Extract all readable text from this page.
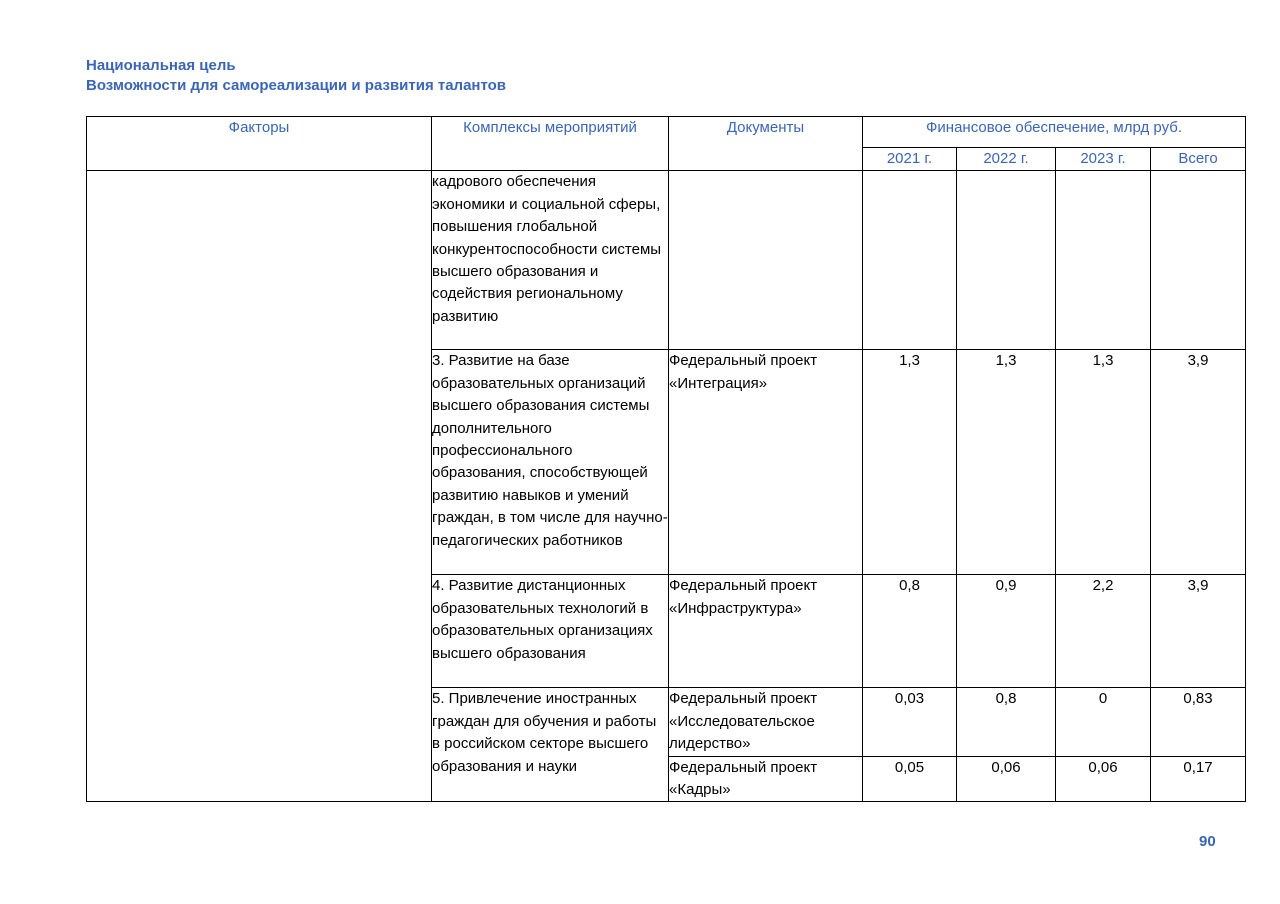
Национальная цель
Возможности для самореализации и развития талантов
Факторы	Комплексы мероприятий	Документы	Финансовое обеспечение, млрд руб.			
			2021 г.	2022 г.	2023 г.	Всего
	кадрового обеспечения экономики и социальной сферы, повышения глобальной конкурентоспособности системы высшего образования и содействия региональному развитию					
	3. Развитие на базе образовательных организаций высшего образования системы дополнительного профессионального образования, способствующей развитию навыков и умений граждан, в том числе для научно-педагогических работников	Федеральный проект «Интеграция»	1,3	1,3	1,3	3,9
	4. Развитие дистанционных образовательных технологий в образовательных организациях высшего образования	Федеральный проект «Инфраструктура»	0,8	0,9	2,2	3,9
	5. Привлечение иностранных граждан для обучения и работы в российском секторе высшего образования и науки	Федеральный проект «Исследовательское лидерство»	0,03	0,8	0	0,83
		Федеральный проект «Кадры»	0,05	0,06	0,06	0,17
90
